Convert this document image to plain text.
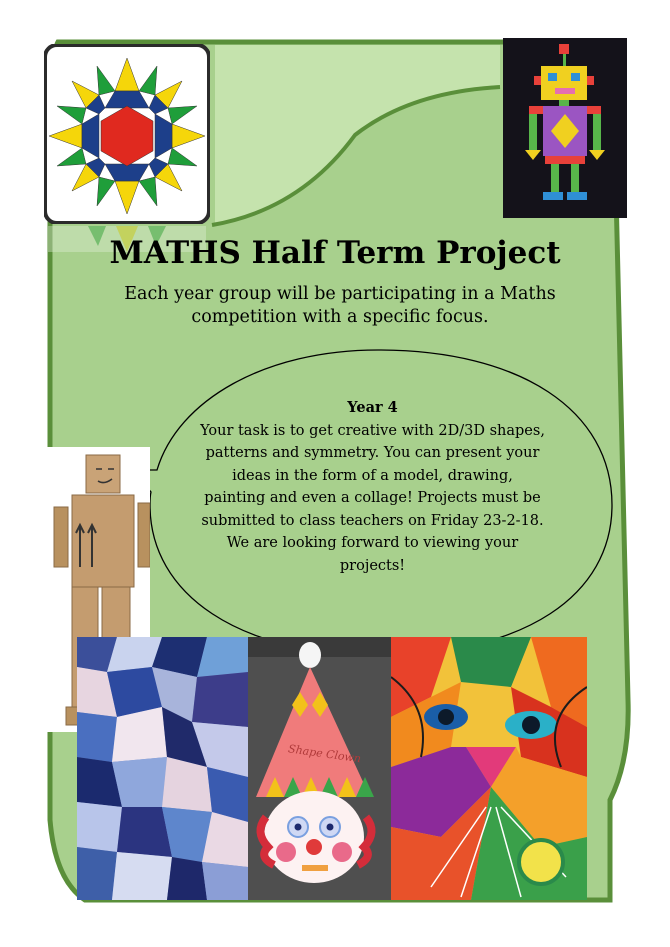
Shape Clown
MATHS Half Term Project
Each year group will be participating in a Maths competition with a specific focus.
Year 4
Your task is to get creative with 2D/3D shapes, patterns and symmetry. You can present your ideas in the form of a model, drawing, painting and even a collage! Projects must be submitted to class teachers on Friday 23-2-18. We are looking forward to viewing your projects!
